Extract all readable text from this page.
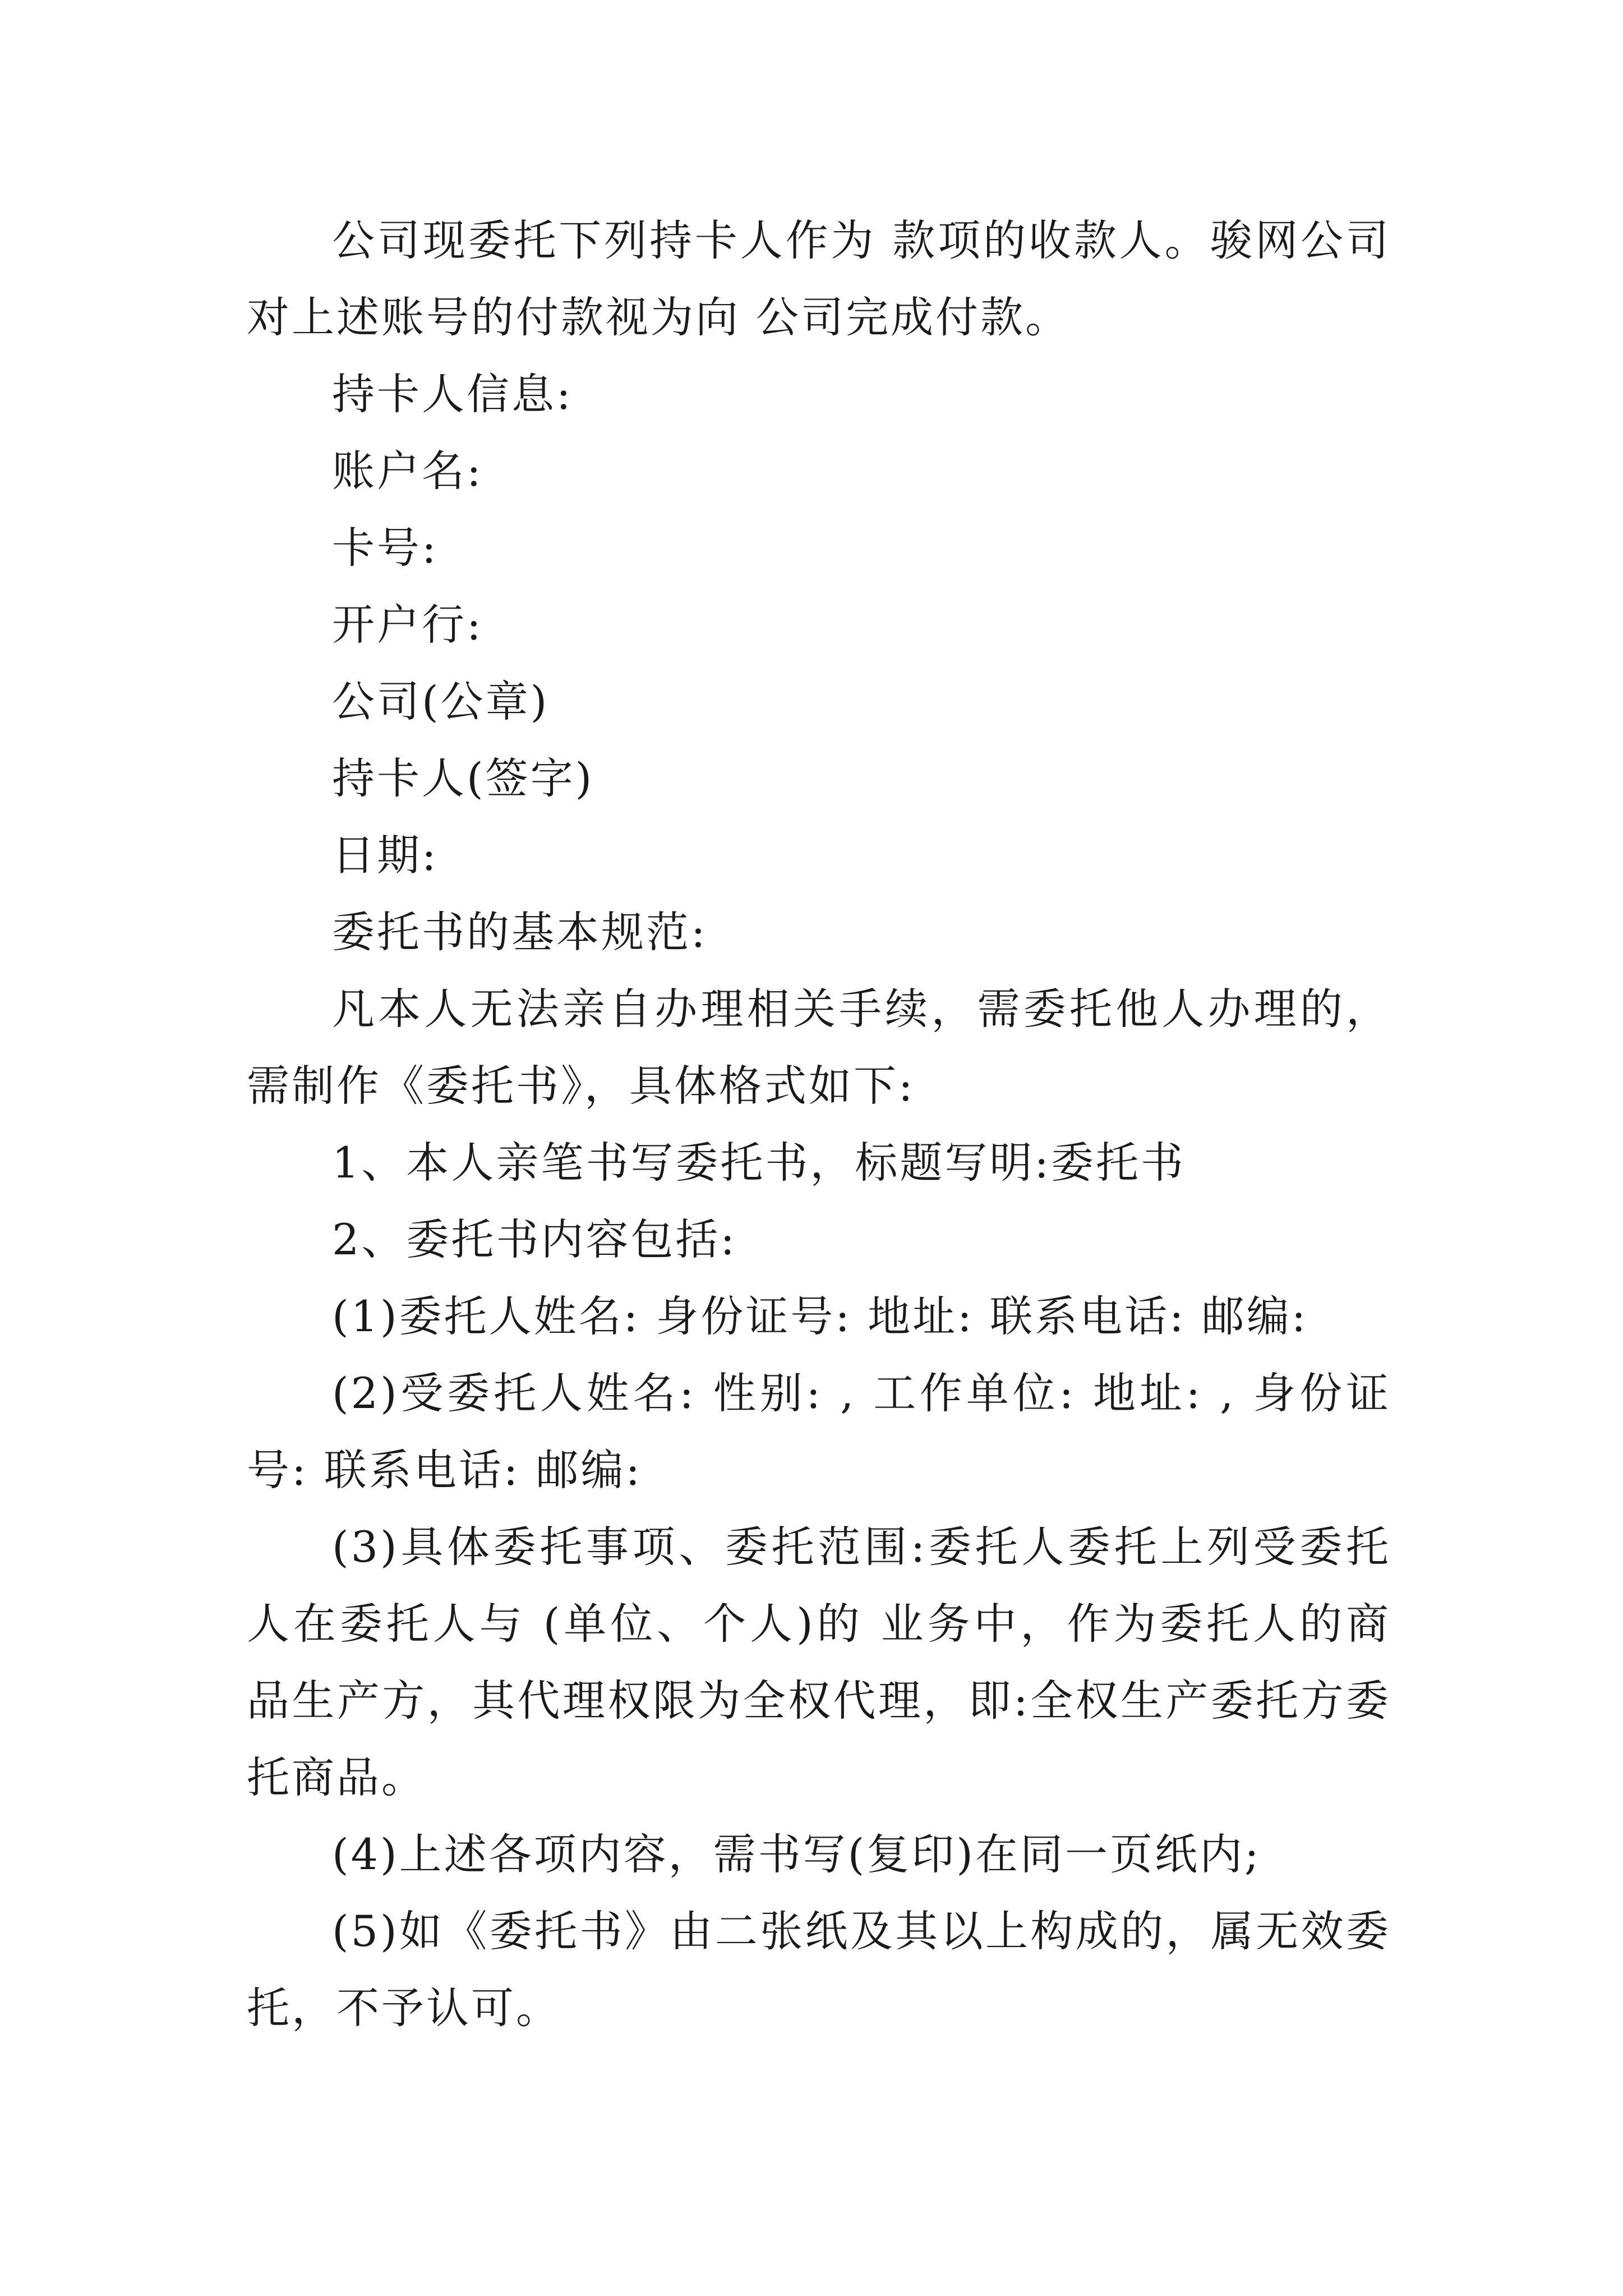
公司现委托下列持卡人作为 款项的收款人。骏网公司对上述账号的付款视为向 公司完成付款。

持卡人信息:

账户名:

卡号:

开户行:

公司(公章)

持卡人(签字)

日期:

委托书的基本规范:

凡本人无法亲自办理相关手续，需委托他人办理的，需制作《委托书》，具体格式如下:

1、本人亲笔书写委托书，标题写明:委托书

2、委托书内容包括:

(1)委托人姓名: 身份证号: 地址: 联系电话: 邮编:

(2)受委托人姓名: 性别: , 工作单位: 地址: , 身份证号: 联系电话: 邮编:

(3)具体委托事项、委托范围:委托人委托上列受委托人在委托人与 (单位、个人)的 业务中，作为委托人的商品生产方，其代理权限为全权代理，即:全权生产委托方委托商品。

(4)上述各项内容，需书写(复印)在同一页纸内;

(5)如《委托书》由二张纸及其以上构成的，属无效委托，不予认可。
